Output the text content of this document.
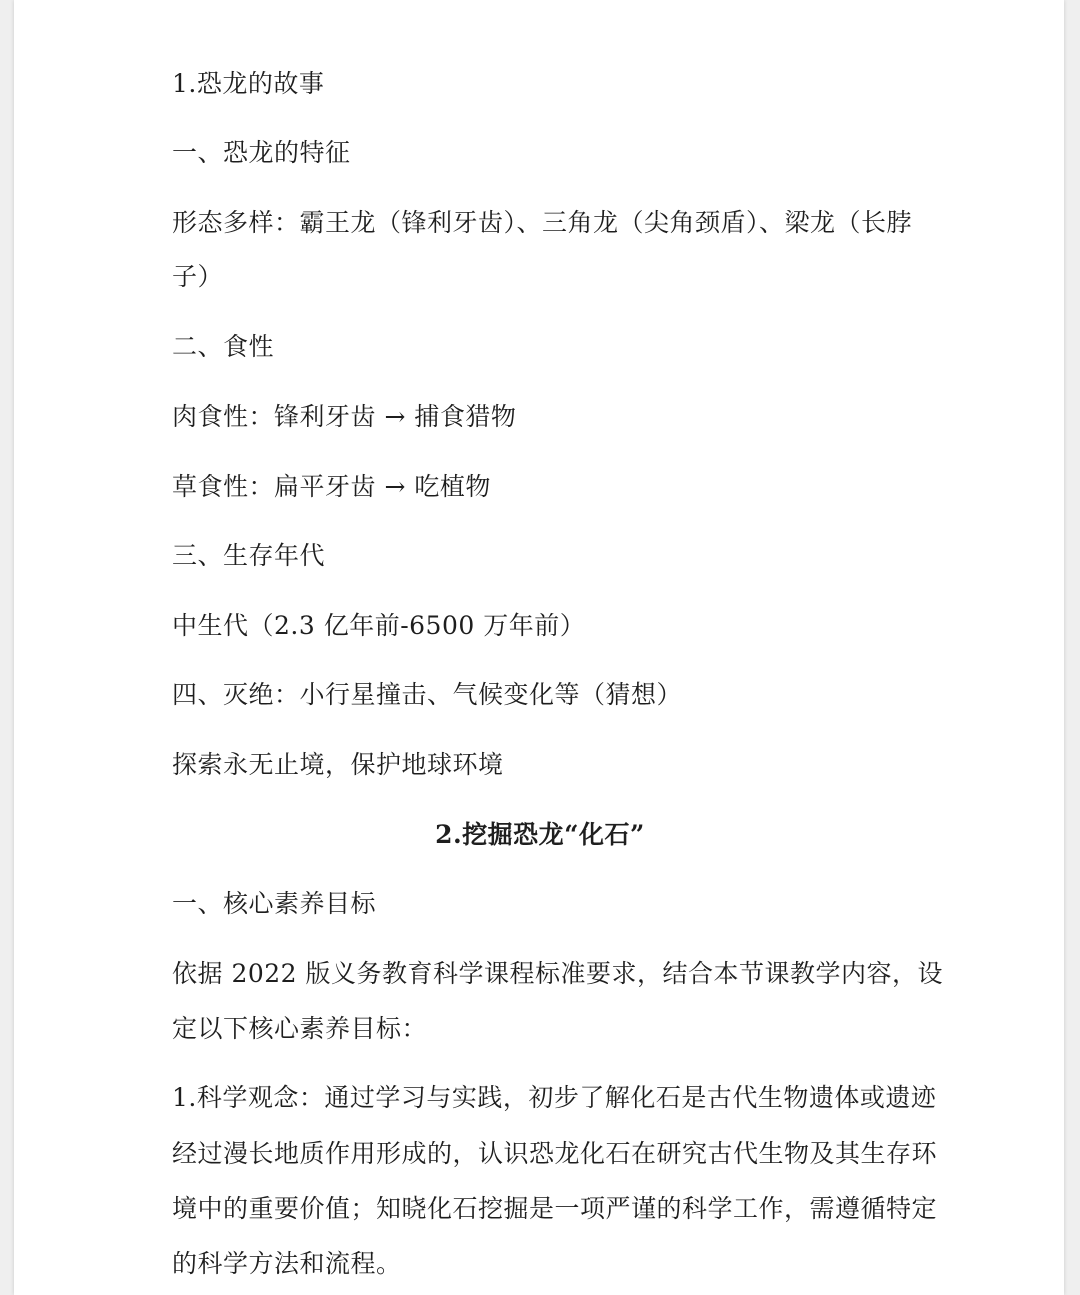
1.恐龙的故事
一、恐龙的特征
形态多样：霸王龙（锋利牙齿）、三角龙（尖角颈盾）、梁龙（长脖
子）
二、食性
肉食性：锋利牙齿 → 捕食猎物
草食性：扁平牙齿 → 吃植物
三、生存年代
中生代（2.3 亿年前-6500 万年前）
四、灭绝：小行星撞击、气候变化等（猜想）
探索永无止境，保护地球环境
2.挖掘恐龙“化石”
一、核心素养目标
依据 2022 版义务教育科学课程标准要求，结合本节课教学内容，设
定以下核心素养目标：
1.科学观念：通过学习与实践，初步了解化石是古代生物遗体或遗迹
经过漫长地质作用形成的，认识恐龙化石在研究古代生物及其生存环
境中的重要价值；知晓化石挖掘是一项严谨的科学工作，需遵循特定
的科学方法和流程。
